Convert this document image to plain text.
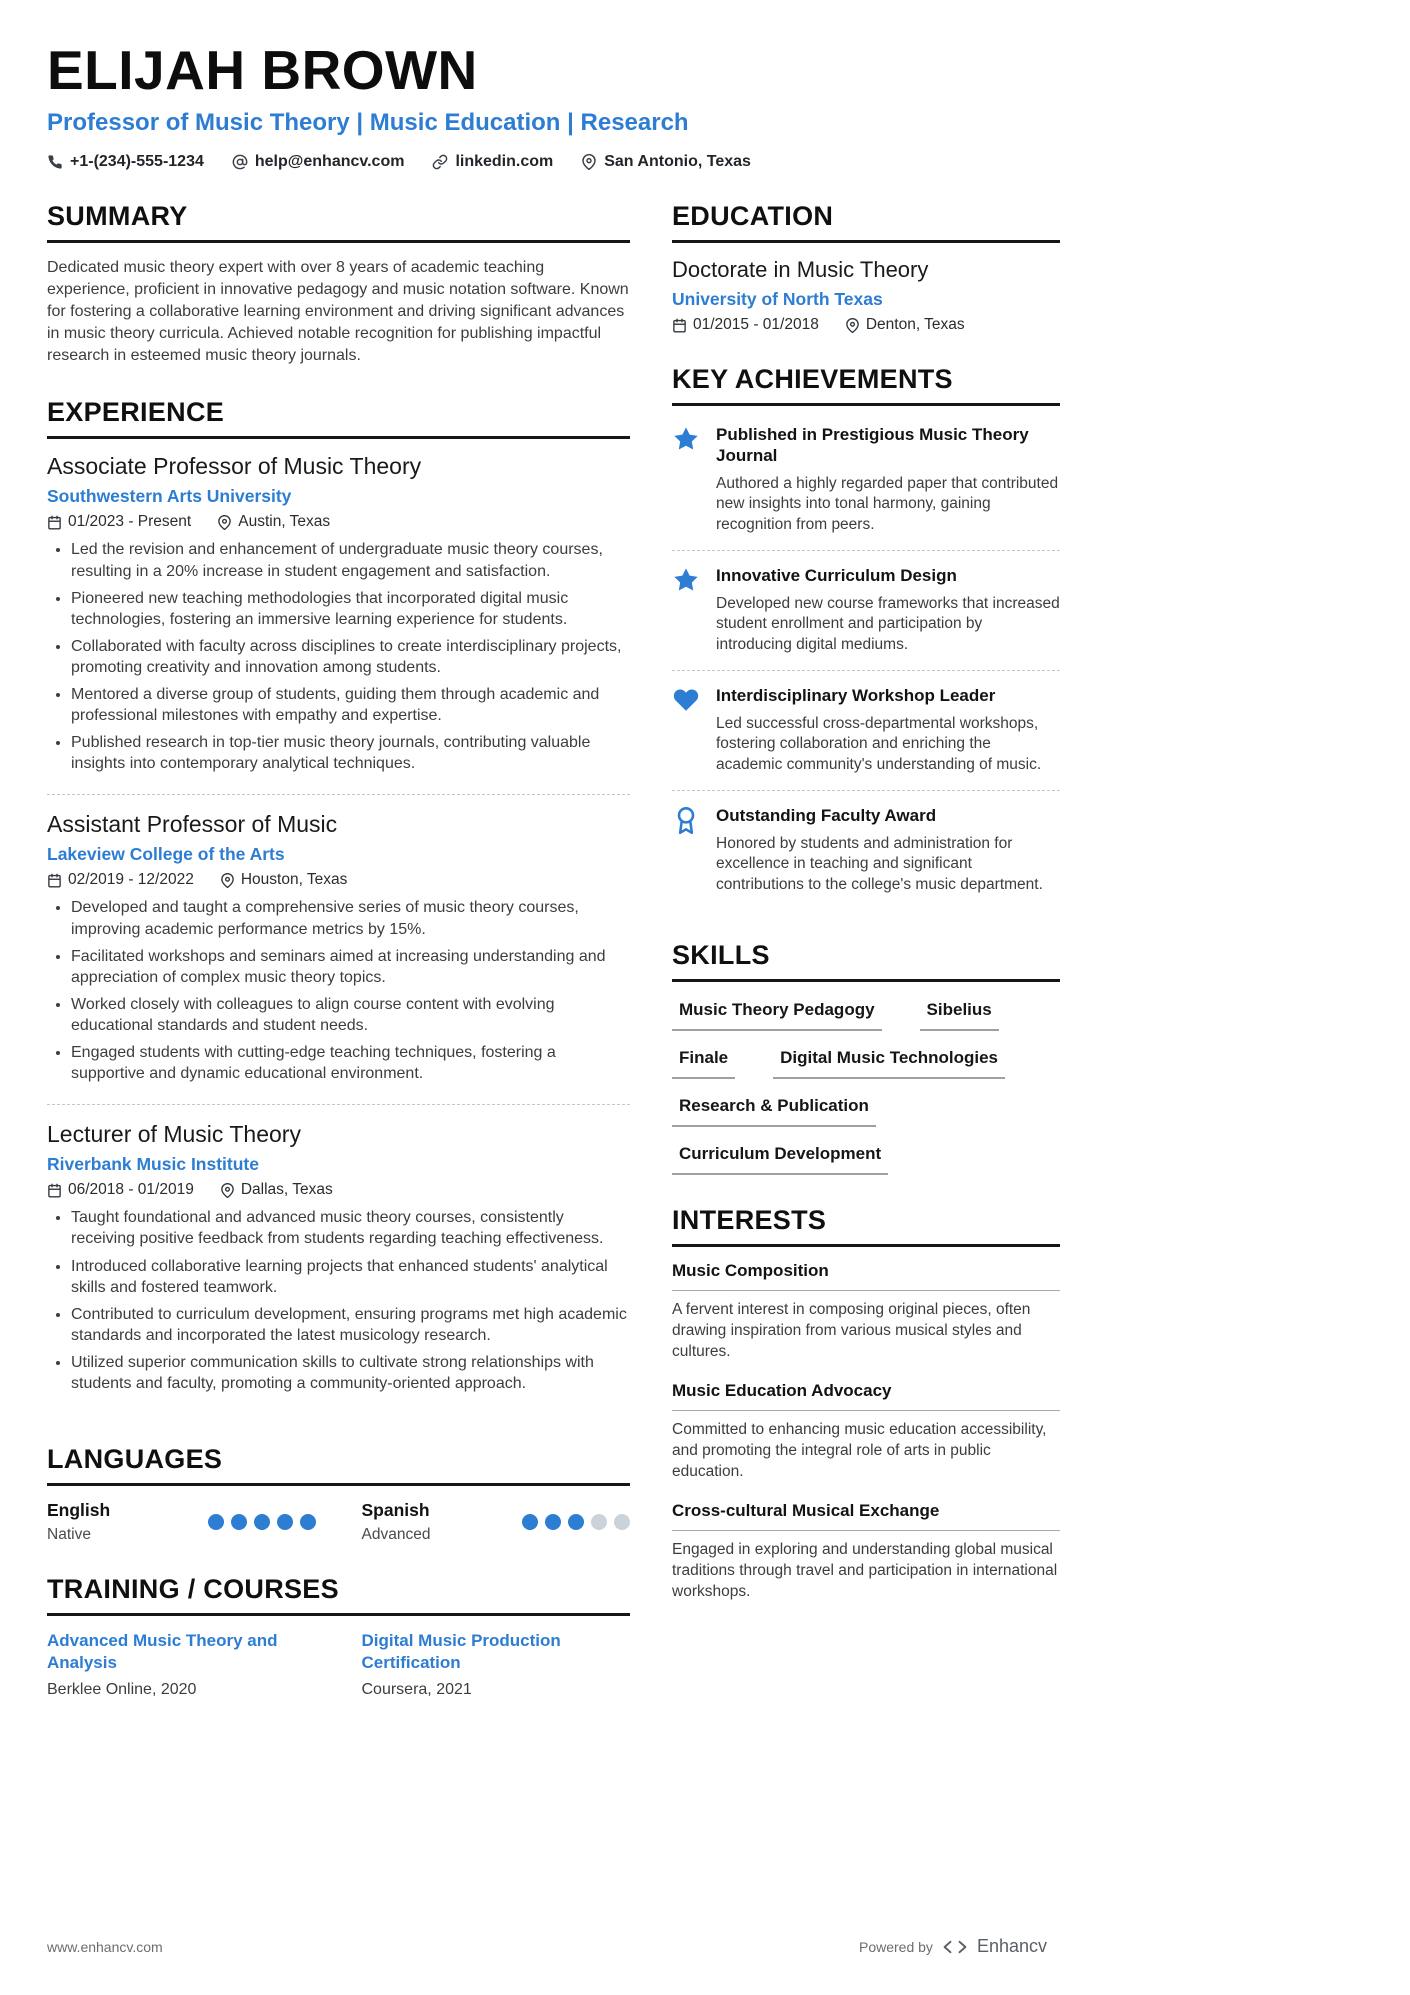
ELIJAH BROWN
Professor of Music Theory | Music Education | Research
+1-(234)-555-1234	help@enhancv.com	linkedin.com	San Antonio, Texas
SUMMARY

Dedicated music theory expert with over 8 years of academic teaching experience, proficient in innovative pedagogy and music notation software. Known for fostering a collaborative learning environment and driving significant advances in music theory curricula. Achieved notable recognition for publishing impactful research in esteemed music theory journals.

EXPERIENCE
Associate Professor of Music Theory
Southwestern Arts University
01/2023 - Present	Austin, Texas
• Led the revision and enhancement of undergraduate music theory courses, resulting in a 20% increase in student engagement and satisfaction.
• Pioneered new teaching methodologies that incorporated digital music technologies, fostering an immersive learning experience for students.
• Collaborated with faculty across disciplines to create interdisciplinary projects, promoting creativity and innovation among students.
• Mentored a diverse group of students, guiding them through academic and professional milestones with empathy and expertise.
• Published research in top-tier music theory journals, contributing valuable insights into contemporary analytical techniques.
Assistant Professor of Music
Lakeview College of the Arts
02/2019 - 12/2022	Houston, Texas
• Developed and taught a comprehensive series of music theory courses, improving academic performance metrics by 15%.
• Facilitated workshops and seminars aimed at increasing understanding and appreciation of complex music theory topics.
• Worked closely with colleagues to align course content with evolving educational standards and student needs.
• Engaged students with cutting-edge teaching techniques, fostering a supportive and dynamic educational environment.
Lecturer of Music Theory
Riverbank Music Institute
06/2018 - 01/2019	Dallas, Texas
• Taught foundational and advanced music theory courses, consistently receiving positive feedback from students regarding teaching effectiveness.
• Introduced collaborative learning projects that enhanced students' analytical skills and fostered teamwork.
• Contributed to curriculum development, ensuring programs met high academic standards and incorporated the latest musicology research.
• Utilized superior communication skills to cultivate strong relationships with students and faculty, promoting a community-oriented approach.
LANGUAGES
English
Native
Spanish
Advanced
TRAINING / COURSES
Advanced Music Theory and Analysis
Berklee Online, 2020
Digital Music Production Certification
Coursera, 2021
EDUCATION
Doctorate in Music Theory
University of North Texas
01/2015 - 01/2018	Denton, Texas
KEY ACHIEVEMENTS
Published in Prestigious Music Theory Journal
Authored a highly regarded paper that contributed new insights into tonal harmony, gaining recognition from peers.
Innovative Curriculum Design
Developed new course frameworks that increased student enrollment and participation by introducing digital mediums.
Interdisciplinary Workshop Leader
Led successful cross-departmental workshops, fostering collaboration and enriching the academic community's understanding of music.
Outstanding Faculty Award
Honored by students and administration for excellence in teaching and significant contributions to the college's music department.
SKILLS
Music Theory Pedagogy	Sibelius
Finale	Digital Music Technologies
Research & Publication
Curriculum Development
INTERESTS
Music Composition
A fervent interest in composing original pieces, often drawing inspiration from various musical styles and cultures.
Music Education Advocacy
Committed to enhancing music education accessibility, and promoting the integral role of arts in public education.
Cross-cultural Musical Exchange
Engaged in exploring and understanding global musical traditions through travel and participation in international workshops.
www.enhancv.com	Powered by Enhancv
